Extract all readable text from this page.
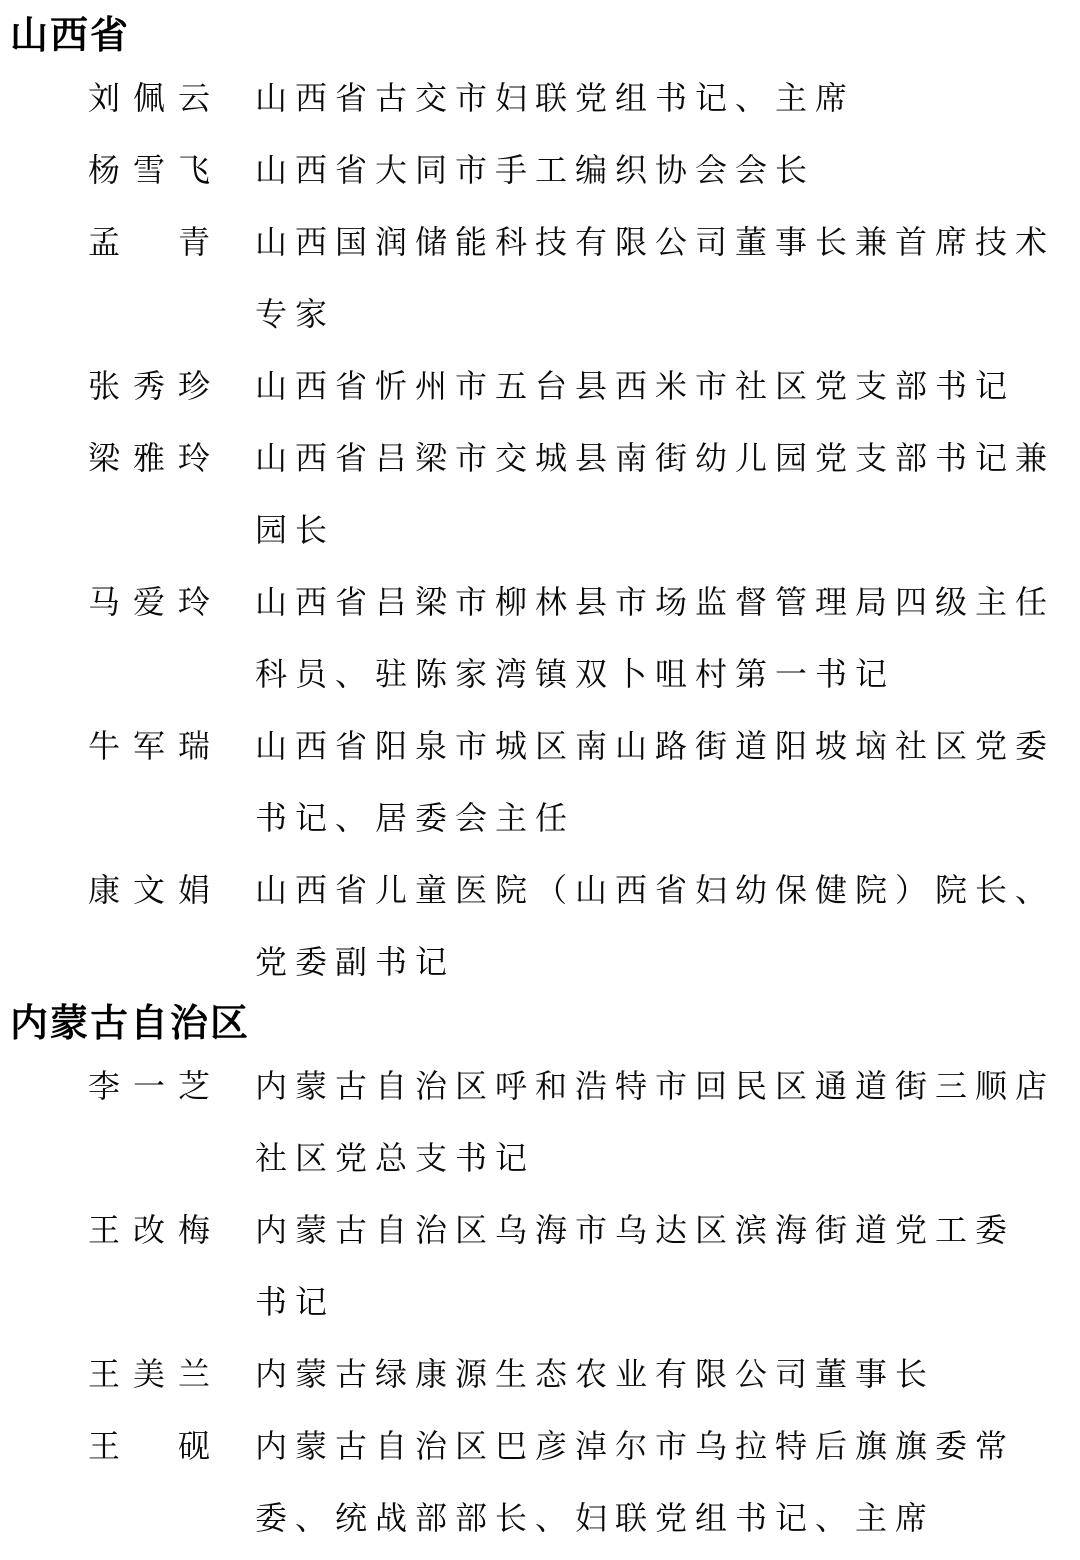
山西省
刘佩云 山西省古交市妇联党组书记、主席
杨雪飞 山西省大同市手工编织协会会长
孟青 山西国润储能科技有限公司董事长兼首席技术
专家
张秀珍 山西省忻州市五台县西米市社区党支部书记
梁雅玲 山西省吕梁市交城县南街幼儿园党支部书记兼
园长
马爱玲 山西省吕梁市柳林县市场监督管理局四级主任
科员、驻陈家湾镇双卜咀村第一书记
牛军瑞 山西省阳泉市城区南山路街道阳坡垴社区党委
书记、居委会主任
康文娟 山西省儿童医院（山西省妇幼保健院）院长、
党委副书记
内蒙古自治区
李一芝 内蒙古自治区呼和浩特市回民区通道街三顺店
社区党总支书记
王改梅 内蒙古自治区乌海市乌达区滨海街道党工委
书记
王美兰 内蒙古绿康源生态农业有限公司董事长
王砚 内蒙古自治区巴彦淖尔市乌拉特后旗旗委常
委、统战部部长、妇联党组书记、主席
